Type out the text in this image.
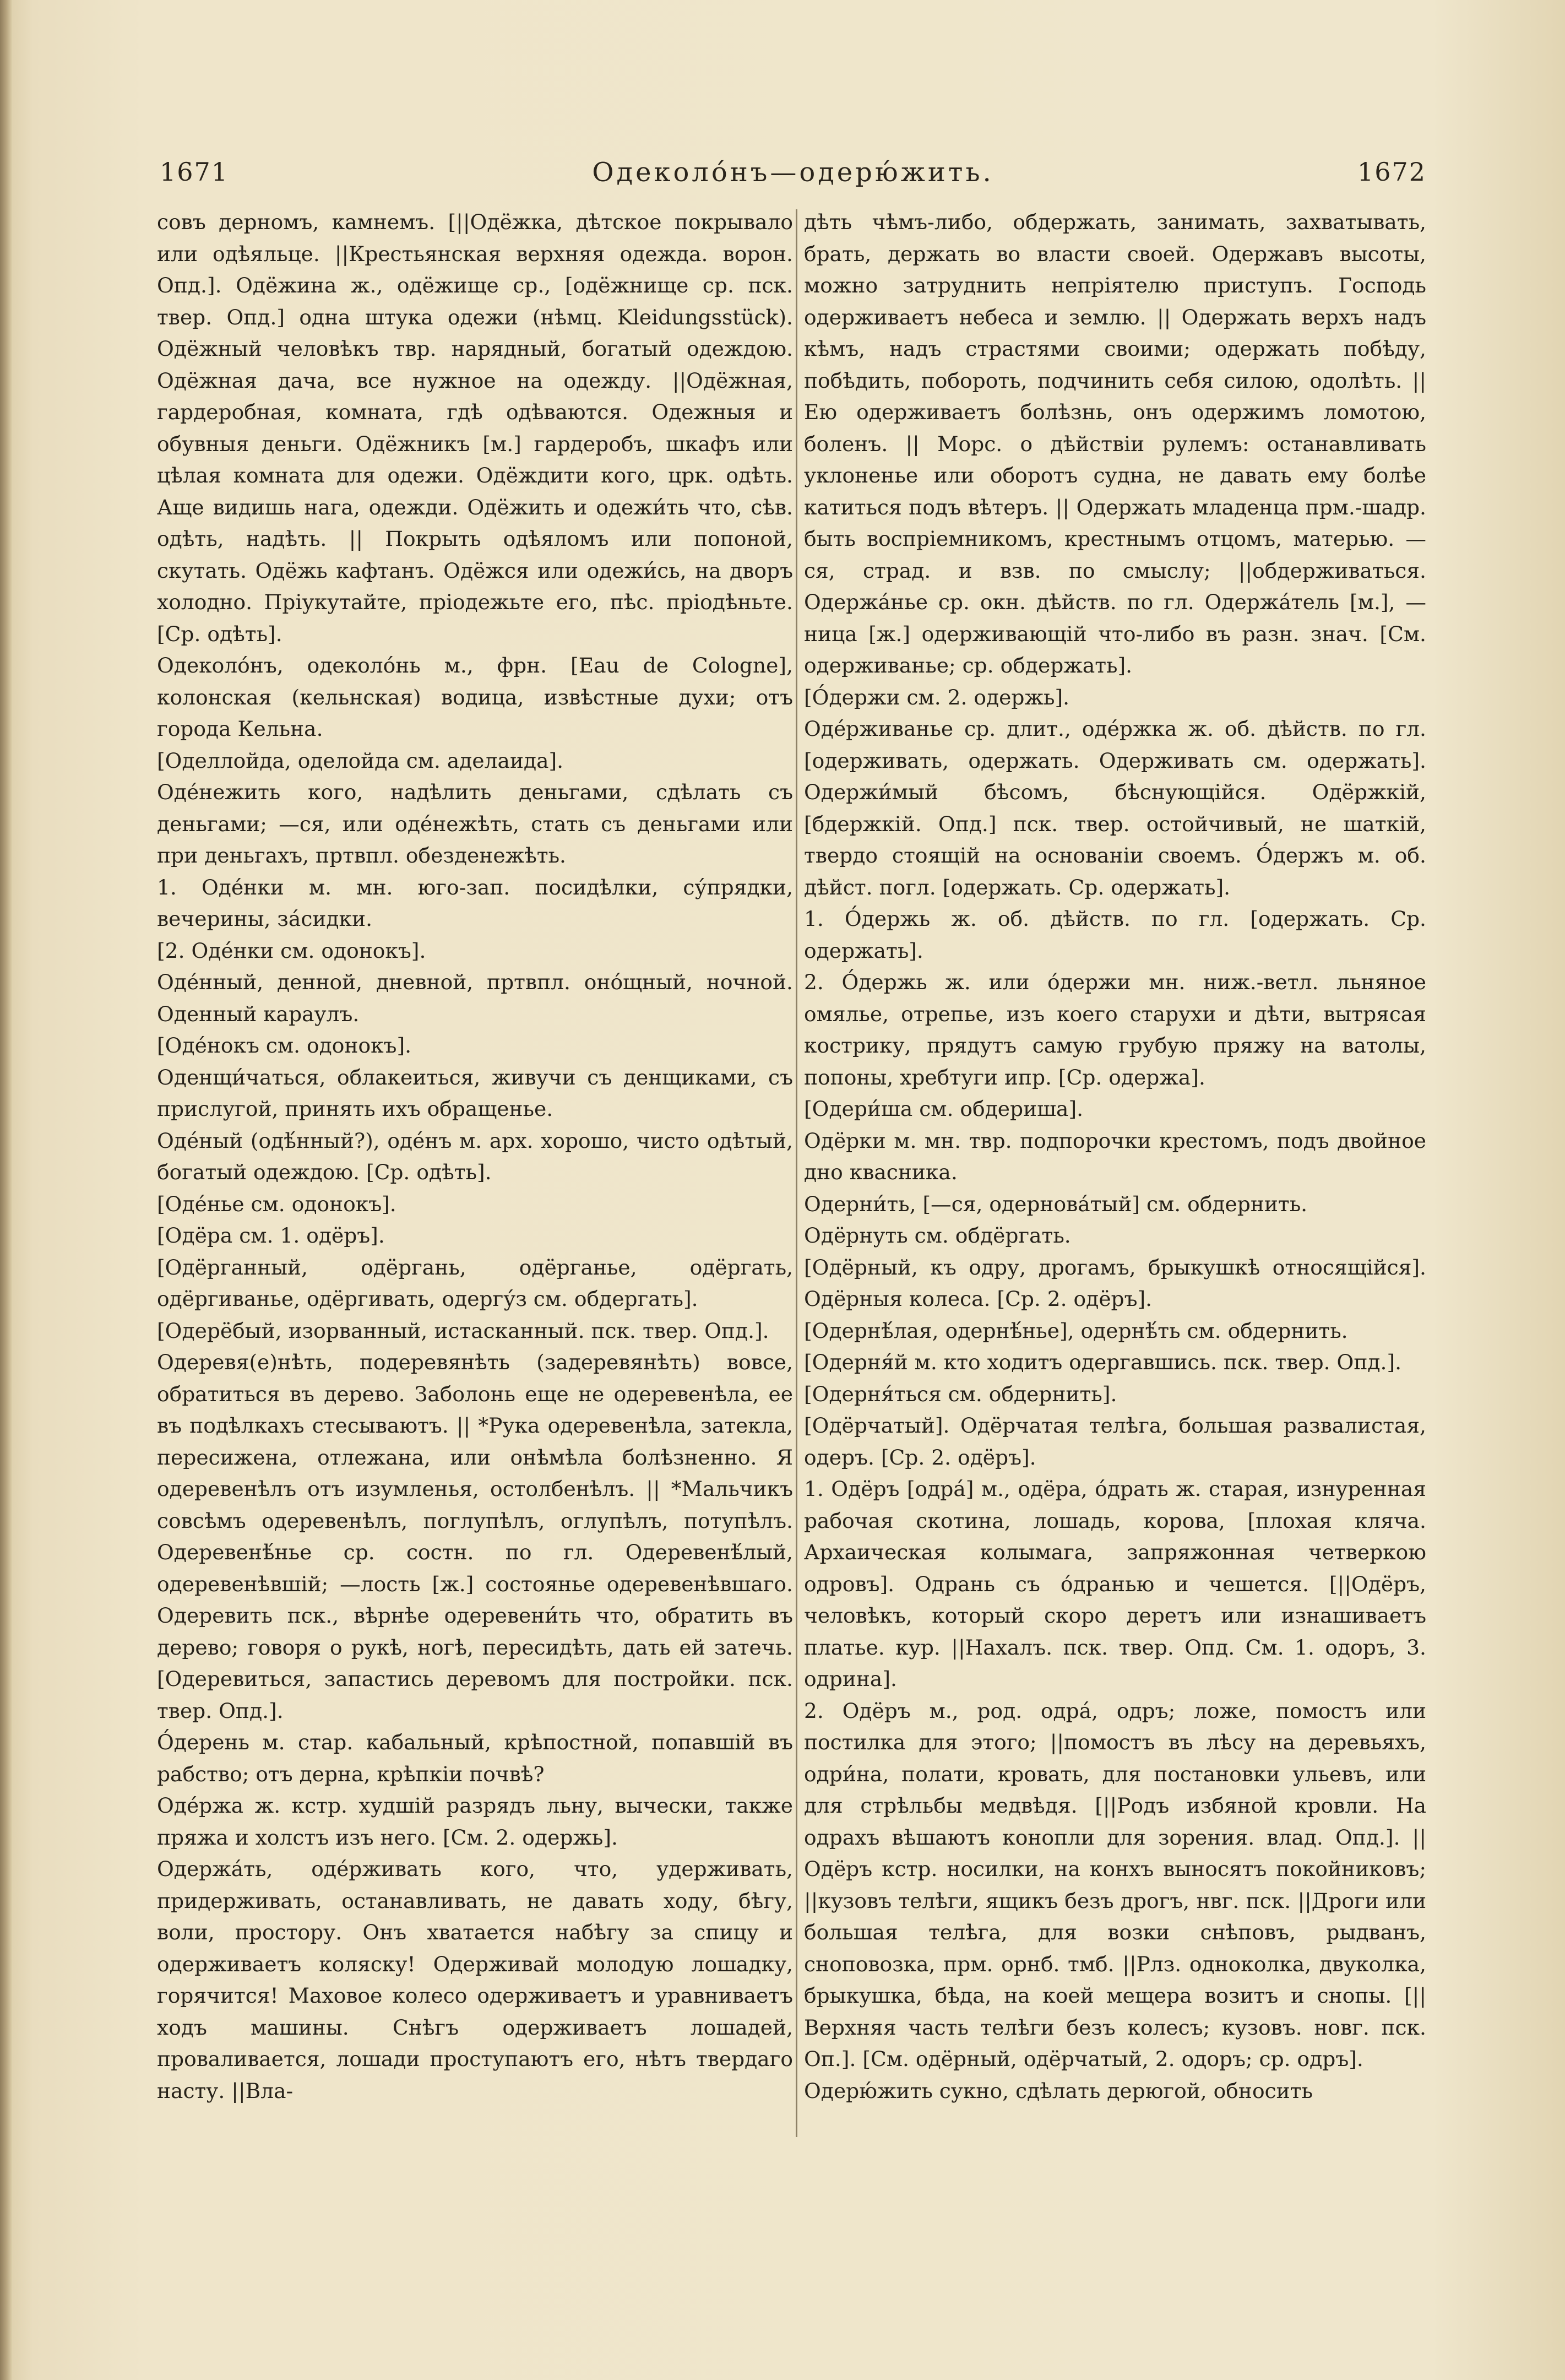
1671	Одеколо́нъ—одерю́жить.	1672

совъ дерномъ, камнемъ. [||Одёжка, дѣтское покрывало или одѣяльце. ||Крестьянская верхняя одежда. ворон. Опд.]. Одёжина ж., одёжище ср., [одёжнище ср. пск. твер. Опд.] одна штука одежи (нѣмц. Kleidungsstück). Одёжный человѣкъ твр. нарядный, богатый одеждою. Одёжная дача, все нужное на одежду. ||Одёжная, гардеробная, комната, гдѣ одѣваются. Одежныя и обувныя деньги. Одёжникъ [м.] гардеробъ, шкафъ или цѣлая комната для одежи. Одёждити кого, црк. одѣть. Аще видишь нага, одежди. Одёжить и одежи́ть что, сѣв. одѣть, надѣть. || Покрыть одѣяломъ или попоной, скутать. Одёжь кафтанъ. Одёжся или одежи́сь, на дворъ холодно. Пріукутайте, пріодежьте его, пѣс. пріодѣньте. [Ср. одѣть].

Одеколо́нъ, одеколо́нь м., фрн. [Eau de Cologne], колонская (кельнская) водица, извѣстные духи; отъ города Кельна.

[Оделлойда, оделойда см. аделаида].

Оде́нежить кого, надѣлить деньгами, сдѣлать съ деньгами; —ся, или оде́нежѣть, стать съ деньгами или при деньгахъ, пртвпл. обезденежѣть.

1. Оде́нки м. мн. юго-зап. посидѣлки, су́прядки, вечерины, за́сидки.

[2. Оде́нки см. одонокъ].

Оде́нный, денной, дневной, пртвпл. оно́щный, ночной. Оденный караулъ.

[Оде́нокъ см. одонокъ].

Оденщи́чаться, облакеиться, живучи съ денщиками, съ прислугой, принять ихъ обращенье.

Оде́ный (одѣ́нный?), оде́нъ м. арх. хорошо, чисто одѣтый, богатый одеждою. [Ср. одѣть].

[Оде́нье см. одонокъ].

[Одёра см. 1. одёръ].

[Одёрганный, одёргань, одёрганье, одёргать, одёргиванье, одёргивать, одергу́з см. обдергать].

[Одерёбый, изорванный, истасканный. пск. твер. Опд.].

Одеревя(е)нѣть, подеревянѣть (задеревянѣть) вовсе, обратиться въ дерево. Заболонь еще не одеревенѣла, ее въ подѣлкахъ стесываютъ. || *Рука одеревенѣла, затекла, пересижена, отлежана, или онѣмѣла болѣзненно. Я одеревенѣлъ отъ изумленья, остолбенѣлъ. || *Мальчикъ совсѣмъ одеревенѣлъ, поглупѣлъ, оглупѣлъ, потупѣлъ. Одеревенѣ́нье ср. состн. по гл. Одеревенѣ́лый, одеревенѣвшій; —лость [ж.] состоянье одеревенѣвшаго. Одеревить пск., вѣрнѣе одеревени́ть что, обратить въ дерево; говоря о рукѣ, ногѣ, пересидѣть, дать ей затечь. [Одеревиться, запастись деревомъ для постройки. пск. твер. Опд.].

О́дерень м. стар. кабальный, крѣпостной, попавшій въ рабство; отъ дерна, крѣпкіи почвѣ?

Оде́ржа ж. кстр. худшій разрядъ льну, вычески, также пряжа и холстъ изъ него. [См. 2. одержь].

Одержа́ть, оде́рживать кого, что, удерживать, придерживать, останавливать, не давать ходу, бѣгу, воли, простору. Онъ хватается набѣгу за спицу и одерживаетъ коляску! Одерживай молодую лошадку, горячится! Маховое колесо одерживаетъ и уравниваетъ ходъ машины. Снѣгъ одерживаетъ лошадей, проваливается, лошади проступаютъ его, нѣтъ твердаго насту. ||Вла-

дѣть чѣмъ-либо, обдержать, занимать, захватывать, брать, держать во власти своей. Одержавъ высоты, можно затруднить непріятелю приступъ. Господь одерживаетъ небеса и землю. || Одержать верхъ надъ кѣмъ, надъ страстями своими; одержать побѣду, побѣдить, побороть, подчинить себя силою, одолѣть. ||Ею одерживаетъ болѣзнь, онъ одержимъ ломотою, боленъ. || Морс. о дѣйствіи рулемъ: останавливать уклоненье или оборотъ судна, не давать ему болѣе катиться подъ вѣтеръ. || Одержать младенца прм.-шадр. быть воспріемникомъ, крестнымъ отцомъ, матерью. —ся, страд. и взв. по смыслу; ||обдерживаться. Одержа́нье ср. окн. дѣйств. по гл. Одержа́тель [м.], —ница [ж.] одерживающій что-либо въ разн. знач. [См. одерживанье; ср. обдержать].

[О́держи см. 2. одержь].

Оде́рживанье ср. длит., оде́ржка ж. об. дѣйств. по гл. [одерживать, одержать. Одерживать см. одержать]. Одержи́мый бѣсомъ, бѣснующійся. Одёржкій, [бдержкій. Опд.] пск. твер. остойчивый, не шаткій, твердо стоящій на основаніи своемъ. О́держъ м. об. дѣйст. погл. [одержать. Ср. одержать].

1. О́держь ж. об. дѣйств. по гл. [одержать. Ср. одержать].

2. О́держь ж. или о́держи мн. ниж.-ветл. льняное омялье, отрепье, изъ коего старухи и дѣти, вытрясая кострику, прядутъ самую грубую пряжу на ватолы, попоны, хребтуги ипр. [Ср. одержа].

[Одери́ша см. обдериша].

Одёрки м. мн. твр. подпорочки крестомъ, подъ двойное дно квасника.

Одерни́ть, [—ся, одернова́тый] см. обдернить.

Одёрнуть см. обдёргать.

[Одёрный, къ одру, дрогамъ, брыкушкѣ относящійся]. Одёрныя колеса. [Ср. 2. одёръ].

[Одернѣ́лая, одернѣ́нье], одернѣ́ть см. обдернить.

[Одерня́й м. кто ходитъ одергавшись. пск. твер. Опд.].

[Одерня́ться см. обдернить].

[Одёрчатый]. Одёрчатая телѣга, большая развалистая, одеръ. [Ср. 2. одёръ].

1. Одёръ [одра́] м., одёра, о́драть ж. старая, изнуренная рабочая скотина, лошадь, корова, [плохая кляча. Архаическая колымага, запряжонная четверкою одровъ]. Одрань съ о́дранью и чешется. [||Одёръ, человѣкъ, который скоро деретъ или изнашиваетъ платье. кур. ||Нахалъ. пск. твер. Опд. См. 1. одоръ, 3. одрина].

2. Одёръ м., род. одра́, одръ; ложе, помостъ или постилка для этого; ||помостъ въ лѣсу на деревьяхъ, одри́на, полати, кровать, для постановки ульевъ, или для стрѣльбы медвѣдя. [||Родъ избяной кровли. На одрахъ вѣшаютъ конопли для зорения. влад. Опд.]. ||Одёръ кстр. носилки, на конхъ выносятъ покойниковъ; ||кузовъ телѣги, ящикъ безъ дрогъ, нвг. пск. ||Дроги или большая телѣга, для возки снѣповъ, рыдванъ, сноповозка, прм. орнб. тмб. ||Рлз. одноколка, двуколка, брыкушка, бѣда, на коей мещера возитъ и снопы. [||Верхняя часть телѣги безъ колесъ; кузовъ. новг. пск. Оп.]. [См. одёрный, одёрчатый, 2. одоръ; ср. одръ].

Одерю́жить сукно, сдѣлать дерюгой, обносить
